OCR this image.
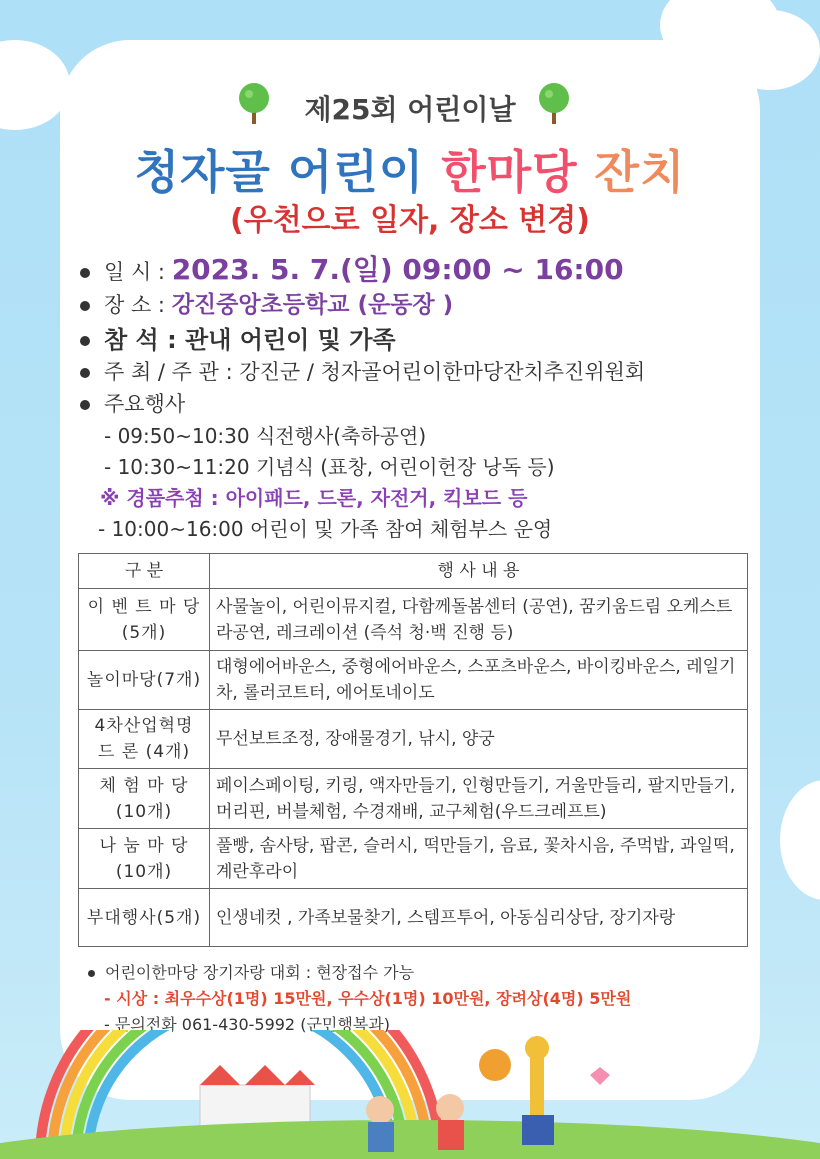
제25회 어린이날
청자골 어린이 한마당 잔치
(우천으로 일자, 장소 변경)
일 시 : 2023. 5. 7.(일) 09:00 ~ 16:00
장 소 : 강진중앙초등학교 (운동장 )
참 석 : 관내 어린이 및 가족
주 최 / 주 관 : 강진군 / 청자골어린이한마당잔치추진위원회
주요행사
- 09:50~10:30 식전행사(축하공연)
- 10:30~11:20 기념식 (표창, 어린이헌장 낭독 등)
※ 경품추첨 : 아이패드, 드론, 자전거, 킥보드 등
- 10:00~16:00 어린이 및 가족 참여 체험부스 운영
구 분	행 사 내 용
이 벤 트 마 당
(5개)	사물놀이, 어린이뮤지컬, 다함께돌봄센터 (공연), 꿈키움드림 오케스트라공연, 레크레이션 (즉석 청·백 진행 등)
놀이마당(7개)	대형에어바운스, 중형에어바운스, 스포츠바운스, 바이킹바운스, 레일기차, 롤러코트터, 에어토네이도
4차산업혁명
드 론 (4개)	무선보트조정, 장애물경기, 낚시, 양궁
체 험 마 당
(10개)	페이스페이팅, 키링, 액자만들기, 인형만들기, 거울만들리, 팔지만들기, 머리핀, 버블체험, 수경재배, 교구체험(우드크레프트)
나 눔 마 당
(10개)	풀빵, 솜사탕, 팝콘, 슬러시, 떡만들기, 음료, 꽃차시음, 주먹밥, 과일떡, 계란후라이
부대행사(5개)	인생네컷 , 가족보물찾기, 스템프투어, 아동심리상담, 장기자랑
어린이한마당 장기자랑 대회 : 현장접수 가능
- 시상 : 최우수상(1명) 15만원, 우수상(1명) 10만원, 장려상(4명) 5만원
- 문의전화 061-430-5992 (군민행복과)
